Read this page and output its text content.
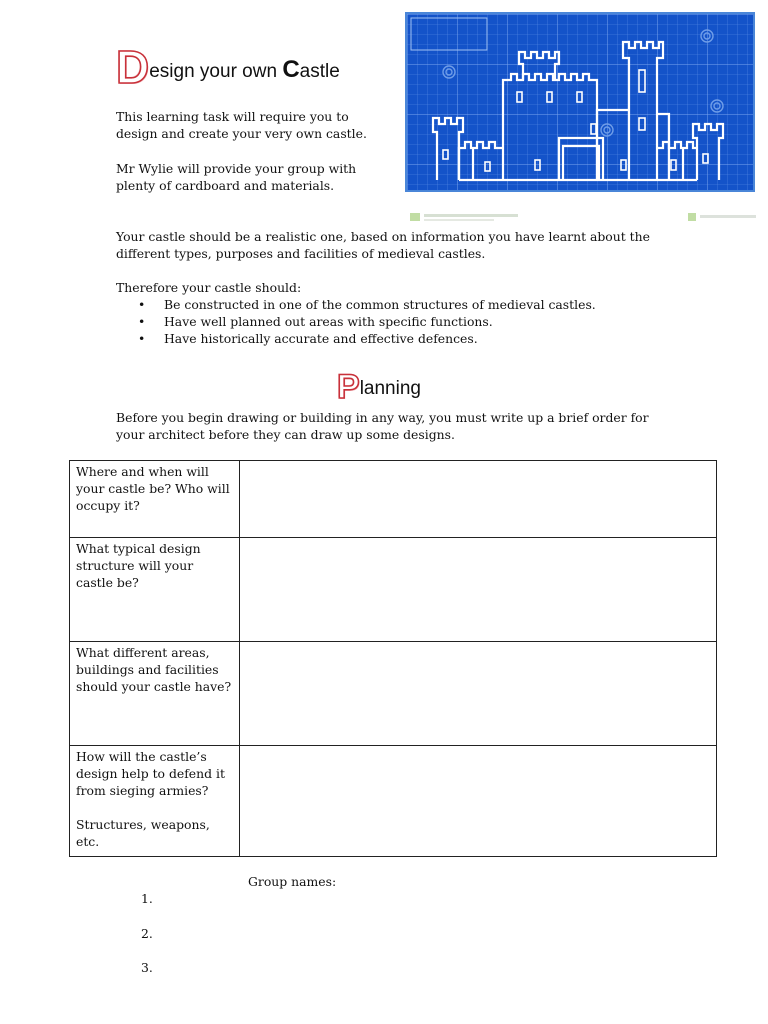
Design your own Castle

This learning task will require you to design and create your very own castle.

Mr Wylie will provide your group with plenty of cardboard and materials.

Your castle should be a realistic one, based on information you have learnt about the different types, purposes and facilities of medieval castles.

Therefore your castle should:

• Be constructed in one of the common structures of medieval castles.
• Have well planned out areas with specific functions.
• Have historically accurate and effective defences.
Planning

Before you begin drawing or building in any way, you must write up a brief order for your architect before they can draw up some designs.

Where and when will your castle be? Who will occupy it?	
What typical design structure will your castle be?	
What different areas, buildings and facilities should your castle have?	

How will the castle’s design help to defend it from sieging armies?
Structures, weapons, etc.	

Group names:
1.
2.
3.
